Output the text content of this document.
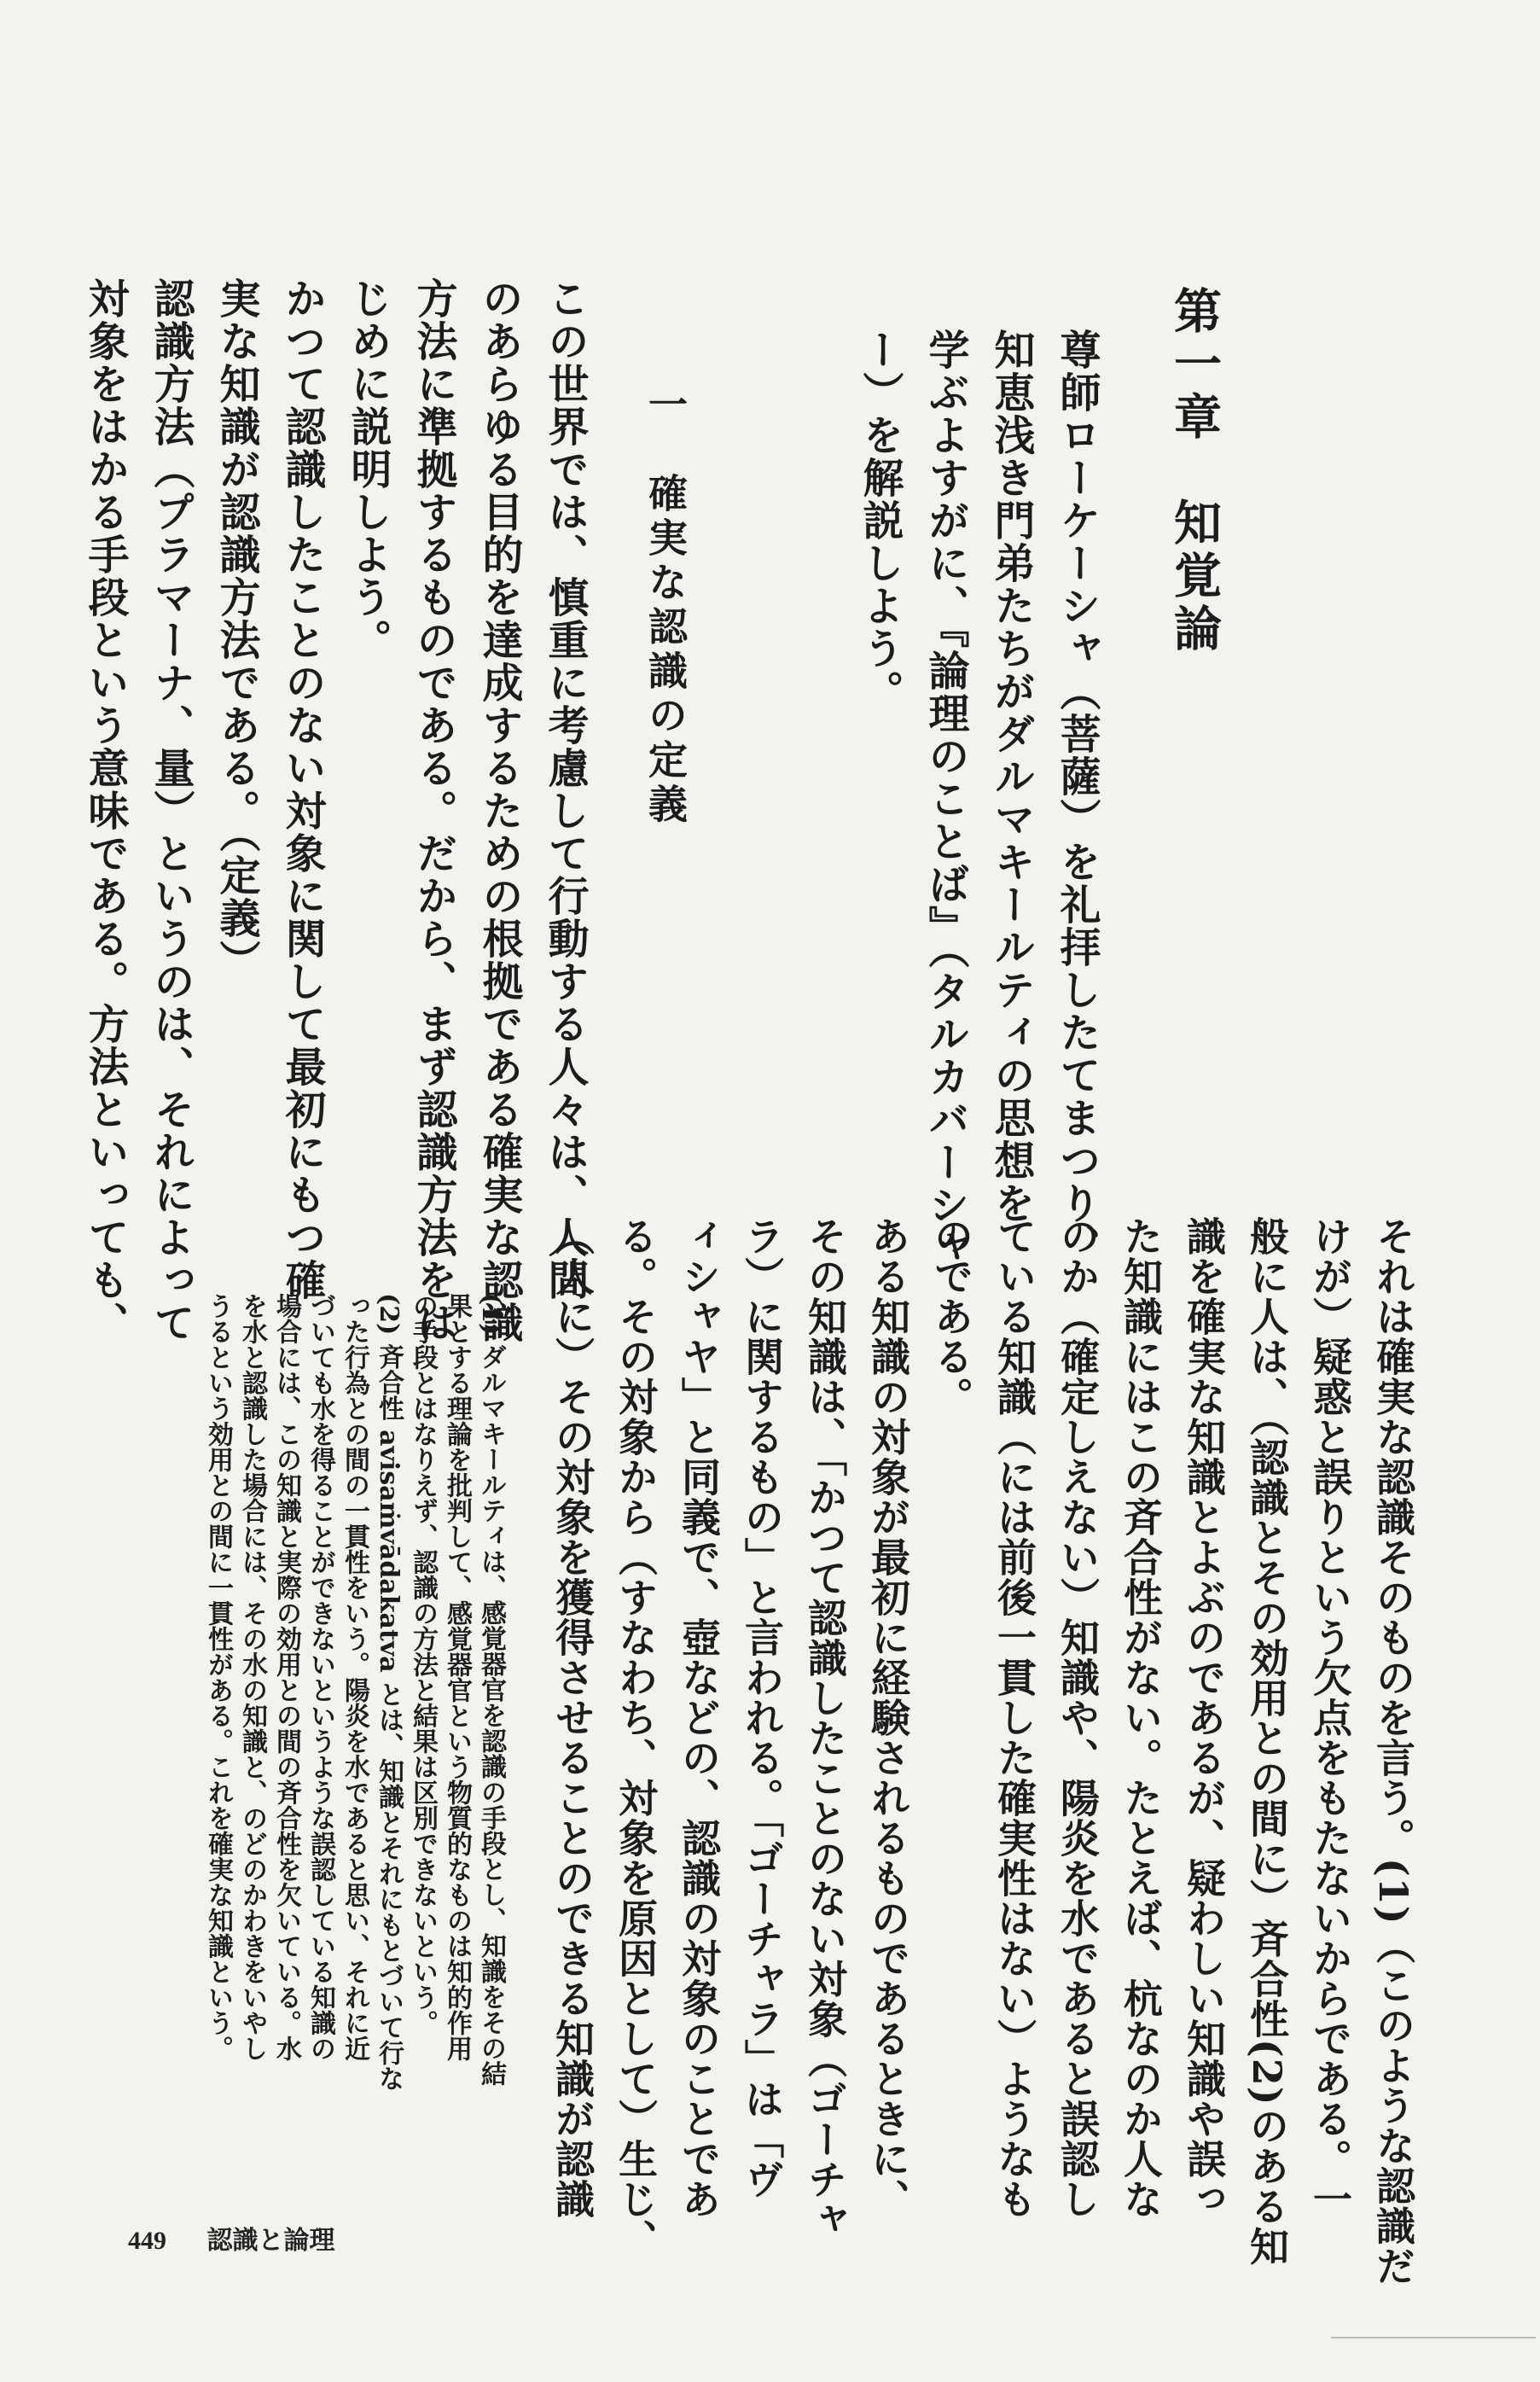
第一章　知覚論
尊師ローケーシャ（菩薩）を礼拝したてまつり、
知恵浅き門弟たちがダルマキールティの思想を
学ぶよすがに、『論理のことば』（タルカバーシャ
ー）を解説しよう。
一　確実な認識の定義
この世界では、慎重に考慮して行動する人々は、人間
のあらゆる目的を達成するための根拠である確実な認識
方法に準拠するものである。だから、まず認識方法をは
じめに説明しよう。
かつて認識したことのない対象に関して最初にもつ確
実な知識が認識方法である。（定義）
認識方法（プラマーナ、量）というのは、それによって
対象をはかる手段という意味である。方法といっても、
それは確実な認識そのものを言う。(1)（このような認識だ
けが）疑惑と誤りという欠点をもたないからである。一
般に人は、（認識とその効用との間に）斉合性(2)のある知
識を確実な知識とよぶのであるが、疑わしい知識や誤っ
た知識にはこの斉合性がない。たとえば、杭なのか人な
のか（確定しえない）知識や、陽炎を水であると誤認し
ている知識（には前後一貫した確実性はない）ようなも
のである。
ある知識の対象が最初に経験されるものであるときに、
その知識は、「かつて認識したことのない対象（ゴーチャ
ラ）に関するもの」と言われる。「ゴーチャラ」は「ヴ
ィシャヤ」と同義で、壺などの、認識の対象のことであ
る。その対象から（すなわち、対象を原因として）生じ、
（人に）その対象を獲得させることのできる知識が認識
(1) ダルマキールティは、感覚器官を認識の手段とし、知識をその結
果とする理論を批判して、感覚器官という物質的なものは知的作用
の手段とはなりえず、認識の方法と結果は区別できないという。
(2) 斉合性 avisaṁvādakatva とは、知識とそれにもとづいて行な
った行為との間の一貫性をいう。陽炎を水であると思い、それに近
づいても水を得ることができないというような誤認している知識の
場合には、この知識と実際の効用との間の斉合性を欠いている。水
を水と認識した場合には、その水の知識と、のどのかわきをいやし
うるという効用との間に一貫性がある。これを確実な知識という。
449 認識と論理
